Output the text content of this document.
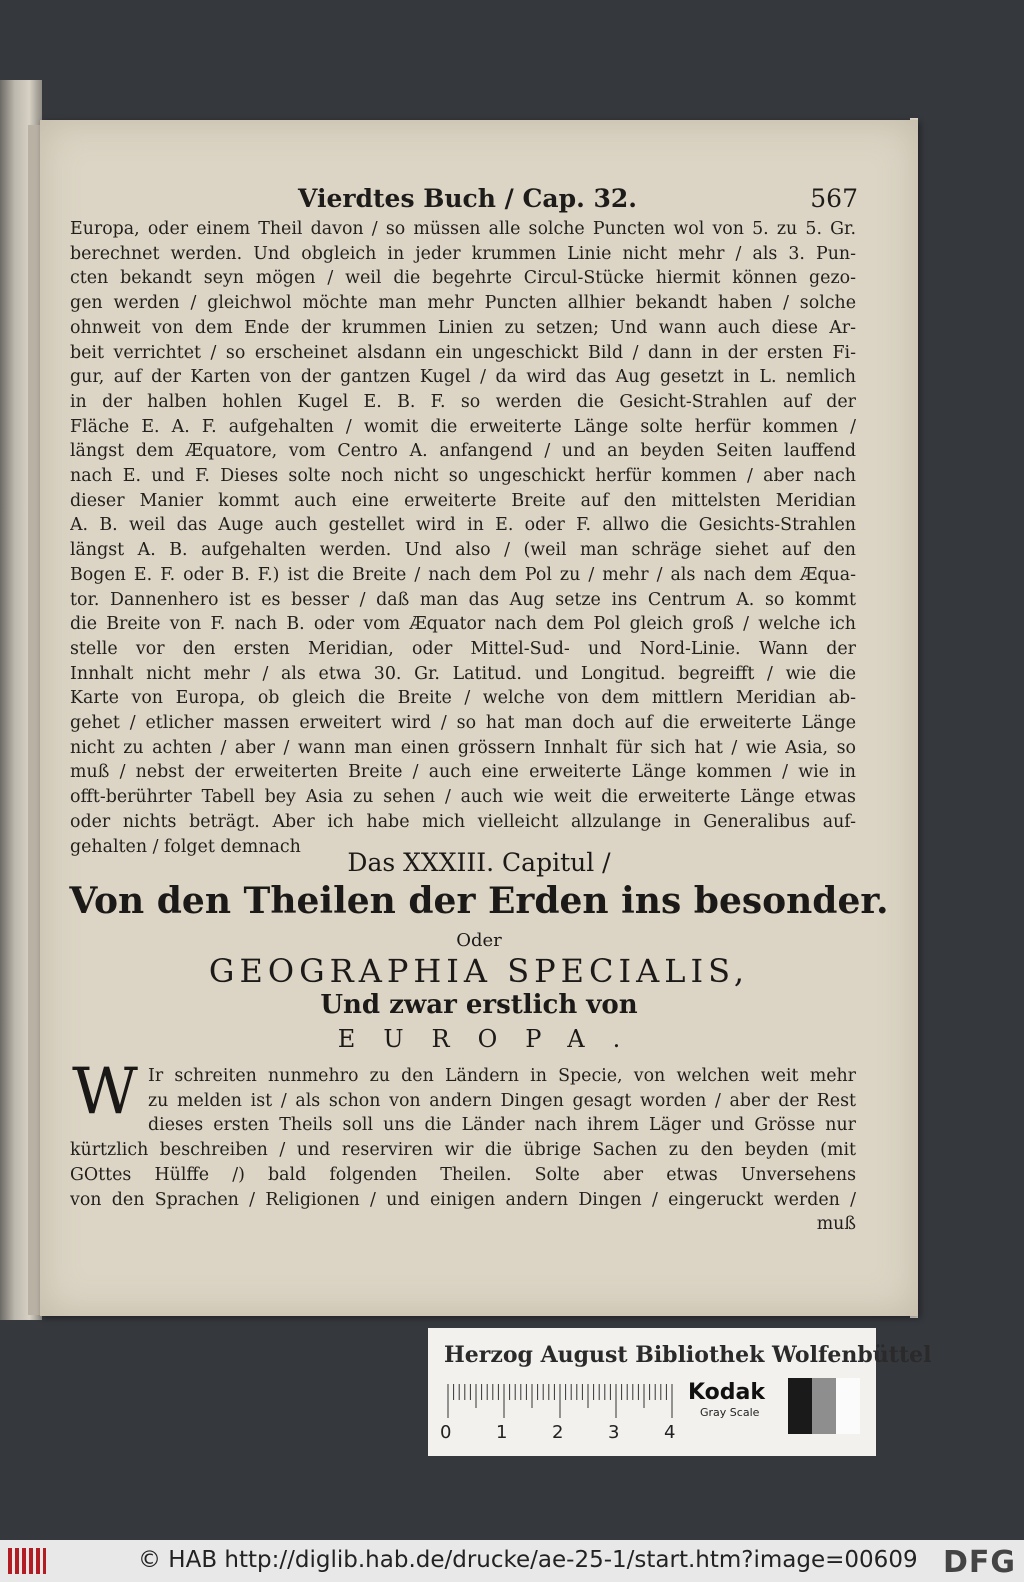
Vierdtes Buch / Cap. 32.	567
Europa, oder einem Theil davon / so müssen alle solche Puncten wol von 5. zu 5. Gr.
berechnet werden. Und obgleich in jeder krummen Linie nicht mehr / als 3. Pun-
cten bekandt seyn mögen / weil die begehrte Circul-Stücke hiermit können gezo-
gen werden / gleichwol möchte man mehr Puncten allhier bekandt haben / solche
ohnweit von dem Ende der krummen Linien zu setzen; Und wann auch diese Ar-
beit verrichtet / so erscheinet alsdann ein ungeschickt Bild / dann in der ersten Fi-
gur, auf der Karten von der gantzen Kugel / da wird das Aug gesetzt in L. nemlich
in der halben hohlen Kugel E. B. F. so werden die Gesicht-Strahlen auf der
Fläche E. A. F. aufgehalten / womit die erweiterte Länge solte herfür kommen /
längst dem Æquatore, vom Centro A. anfangend / und an beyden Seiten lauffend
nach E. und F. Dieses solte noch nicht so ungeschickt herfür kommen / aber nach
dieser Manier kommt auch eine erweiterte Breite auf den mittelsten Meridian
A. B. weil das Auge auch gestellet wird in E. oder F. allwo die Gesichts-Strahlen
längst A. B. aufgehalten werden. Und also / (weil man schräge siehet auf den
Bogen E. F. oder B. F.) ist die Breite / nach dem Pol zu / mehr / als nach dem Æqua-
tor. Dannenhero ist es besser / daß man das Aug setze ins Centrum A. so kommt
die Breite von F. nach B. oder vom Æquator nach dem Pol gleich groß / welche ich
stelle vor den ersten Meridian, oder Mittel-Sud- und Nord-Linie. Wann der
Innhalt nicht mehr / als etwa 30. Gr. Latitud. und Longitud. begreifft / wie die
Karte von Europa, ob gleich die Breite / welche von dem mittlern Meridian ab-
gehet / etlicher massen erweitert wird / so hat man doch auf die erweiterte Länge
nicht zu achten / aber / wann man einen grössern Innhalt für sich hat / wie Asia, so
muß / nebst der erweiterten Breite / auch eine erweiterte Länge kommen / wie in
offt-berührter Tabell bey Asia zu sehen / auch wie weit die erweiterte Länge etwas
oder nichts beträgt. Aber ich habe mich vielleicht allzulange in Generalibus auf-
gehalten / folget demnach
Das XXXIII. Capitul /
Von den Theilen der Erden ins besonder.
Oder
GEOGRAPHIA SPECIALIS,
Und zwar erstlich von
EUROPA.
W Ir schreiten nunmehro zu den Ländern in Specie, von welchen weit mehr
zu melden ist / als schon von andern Dingen gesagt worden / aber der Rest
dieses ersten Theils soll uns die Länder nach ihrem Läger und Grösse nur
kürtzlich beschreiben / und reserviren wir die übrige Sachen zu den beyden (mit
GOttes Hülffe /) bald folgenden Theilen. Solte aber etwas Unversehens
von den Sprachen / Religionen / und einigen andern Dingen / eingeruckt werden /
muß
Herzog August Bibliothek Wolfenbüttel
0 1 2 3 4
Kodak
Gray Scale
© HAB http://diglib.hab.de/drucke/ae-25-1/start.htm?image=00609 DFG
